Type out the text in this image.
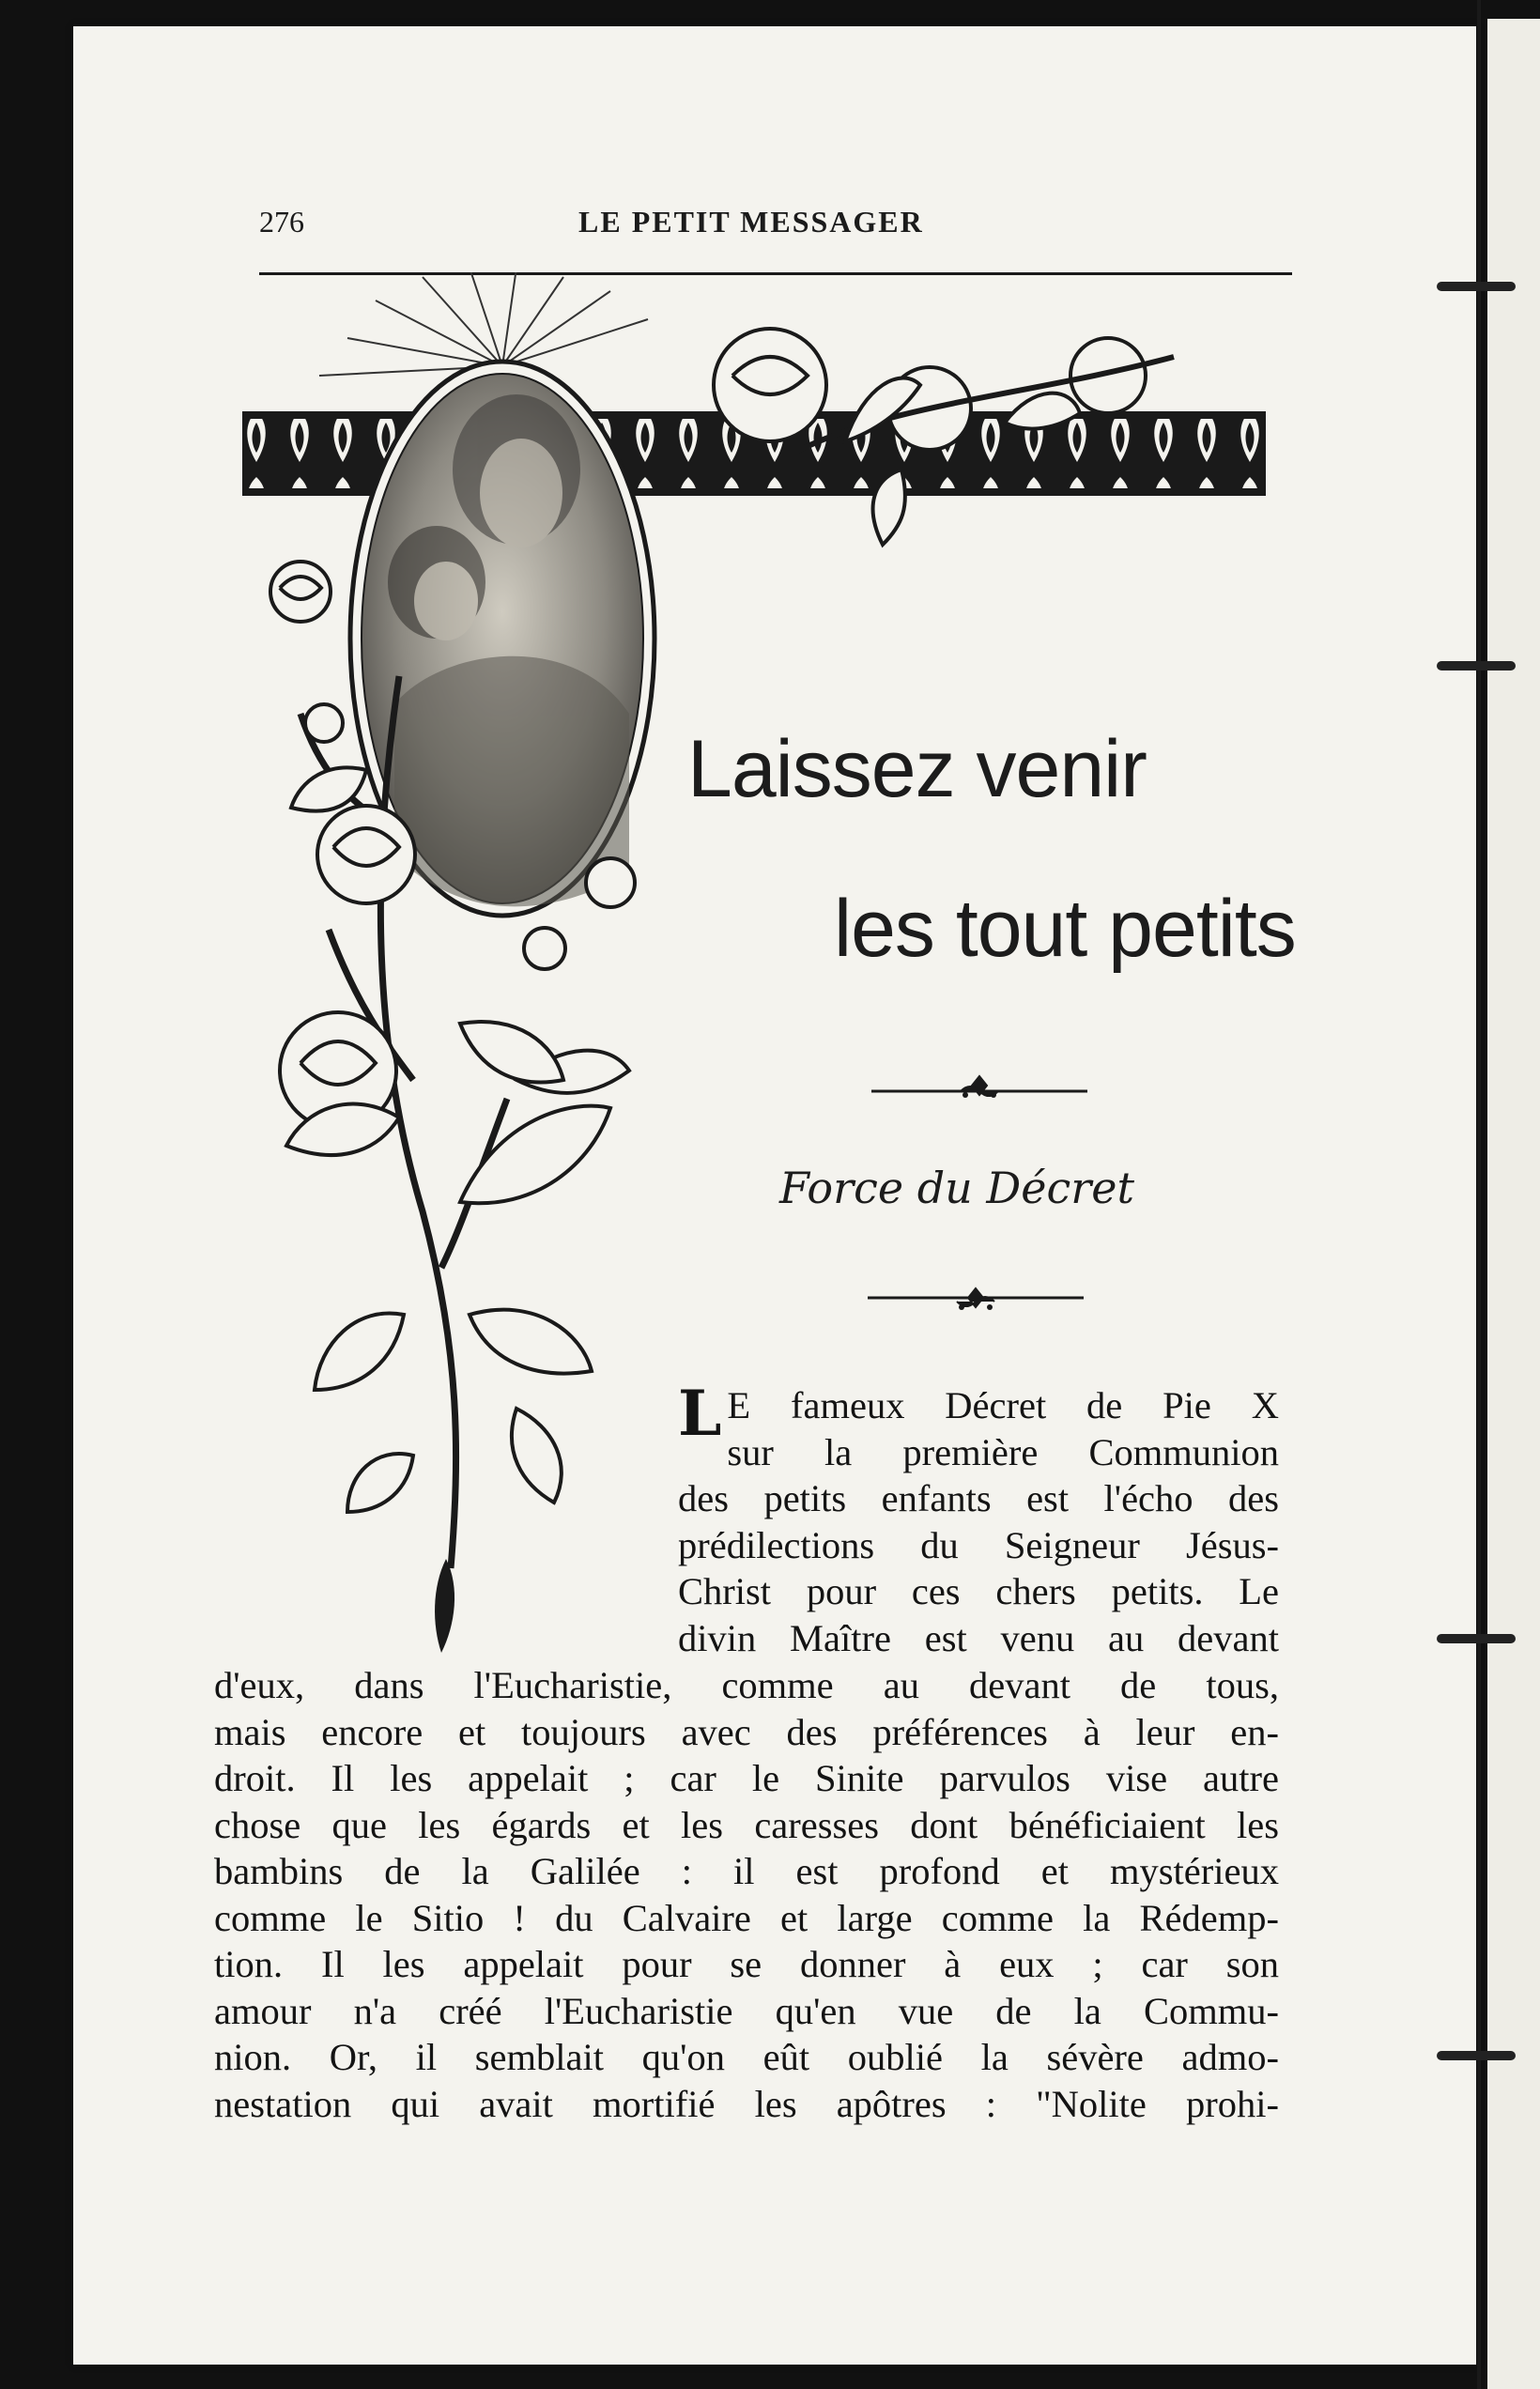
276	LE PETIT MESSAGER
Laissez venir
les tout petits
Force du Décret
L E fameux Décret de Pie X

sur la première Communion

des petits enfants est l'écho des

prédilections du Seigneur Jésus-

Christ pour ces chers petits. Le

divin Maître est venu au devant

d'eux, dans l'Eucharistie, comme au devant de tous,

mais encore et toujours avec des préférences à leur en-

droit. Il les appelait ; car le Sinite parvulos vise autre

chose que les égards et les caresses dont bénéficiaient les

bambins de la Galilée : il est profond et mystérieux

comme le Sitio ! du Calvaire et large comme la Rédemp-

tion. Il les appelait pour se donner à eux ; car son

amour n'a créé l'Eucharistie qu'en vue de la Commu-

nion. Or, il semblait qu'on eût oublié la sévère admo-

nestation qui avait mortifié les apôtres : "Nolite prohi-
